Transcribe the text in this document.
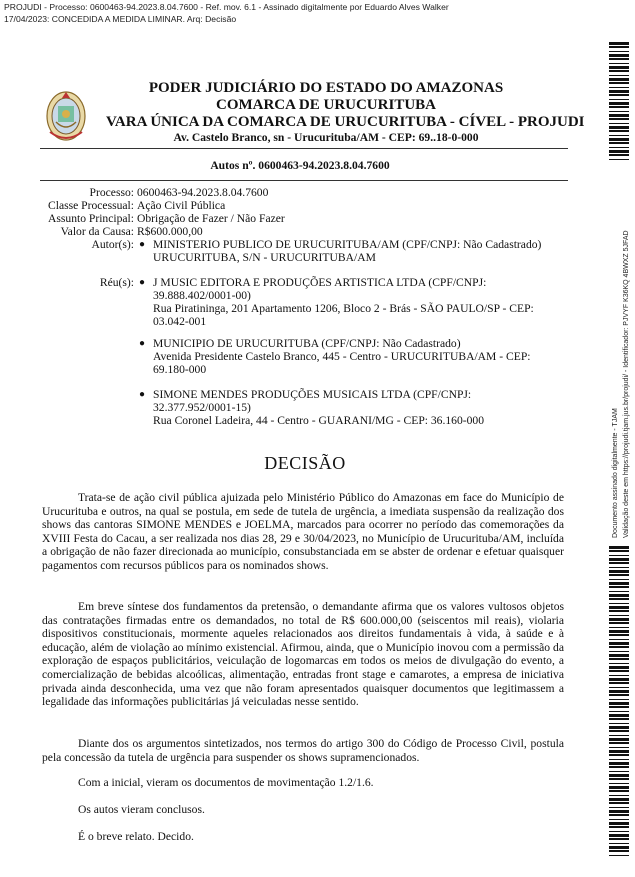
PROJUDI - Processo: 0600463-94.2023.8.04.7600 - Ref. mov. 6.1 - Assinado digitalmente por Eduardo Alves Walker
17/04/2023: CONCEDIDA A MEDIDA LIMINAR. Arq: Decisão
PODER JUDICIÁRIO DO ESTADO DO AMAZONAS
COMARCA DE URUCURITUBA
VARA ÚNICA DA COMARCA DE URUCURITUBA - CÍVEL - PROJUDI
Av. Castelo Branco, sn - Urucurituba/AM - CEP: 69..18-0-000
Autos nº. 0600463-94.2023.8.04.7600
Processo: 0600463-94.2023.8.04.7600
Classe Processual: Ação Civil Pública
Assunto Principal: Obrigação de Fazer / Não Fazer
Valor da Causa: R$600.000,00
Autor(s):
Réu(s):
● MINISTERIO PUBLICO DE URUCURITUBA/AM (CPF/CNPJ: Não Cadastrado)
URUCURITUBA, S/N - URUCURITUBA/AM
● J MUSIC EDITORA E PRODUÇÕES ARTISTICA LTDA (CPF/CNPJ:
39.888.402/0001-00)
Rua Piratininga, 201 Apartamento 1206, Bloco 2 - Brás - SÃO PAULO/SP - CEP:
03.042-001
● MUNICIPIO DE URUCURITUBA (CPF/CNPJ: Não Cadastrado)
Avenida Presidente Castelo Branco, 445 - Centro - URUCURITUBA/AM - CEP:
69.180-000
● SIMONE MENDES PRODUÇÕES MUSICAIS LTDA (CPF/CNPJ:
32.377.952/0001-15)
Rua Coronel Ladeira, 44 - Centro - GUARANI/MG - CEP: 36.160-000
DECISÃO
Trata-se de ação civil pública ajuizada pelo Ministério Público do Amazonas em face do Município de Urucurituba e outros, na qual se postula, em sede de tutela de urgência, a imediata suspensão da realização dos shows das cantoras SIMONE MENDES e JOELMA, marcados para ocorrer no período das comemorações da XVIII Festa do Cacau, a ser realizada nos dias 28, 29 e 30/04/2023, no Município de Urucurituba/AM, incluída a obrigação de não fazer direcionada ao município, consubstanciada em se abster de ordenar e efetuar quaisquer pagamentos com recursos públicos para os nominados shows.
Em breve síntese dos fundamentos da pretensão, o demandante afirma que os valores vultosos objetos das contratações firmadas entre os demandados, no total de R$ 600.000,00 (seiscentos mil reais), violaria dispositivos constitucionais, mormente aqueles relacionados aos direitos fundamentais à vida, à saúde e à educação, além de violação ao mínimo existencial. Afirmou, ainda, que o Município inovou com a permissão da exploração de espaços publicitários, veiculação de logomarcas em todos os meios de divulgação do evento, a comercialização de bebidas alcoólicas, alimentação, entradas front stage e camarotes, a empresa de iniciativa privada ainda desconhecida, uma vez que não foram apresentados quaisquer documentos que legitimassem a legalidade das informações publicitárias já veiculadas nesse sentido.
Diante dos os argumentos sintetizados, nos termos do artigo 300 do Código de Processo Civil, postula pela concessão da tutela de urgência para suspender os shows supramencionados.
Com a inicial, vieram os documentos de movimentação 1.2/1.6.
Os autos vieram conclusos.
É o breve relato. Decido.
Documento assinado digitalmente - TJAM Validação deste em https://projudi.tjam.jus.br/projudi/ - Identificador: PJVYF K36KQ 4BWXZ 5JFAD
